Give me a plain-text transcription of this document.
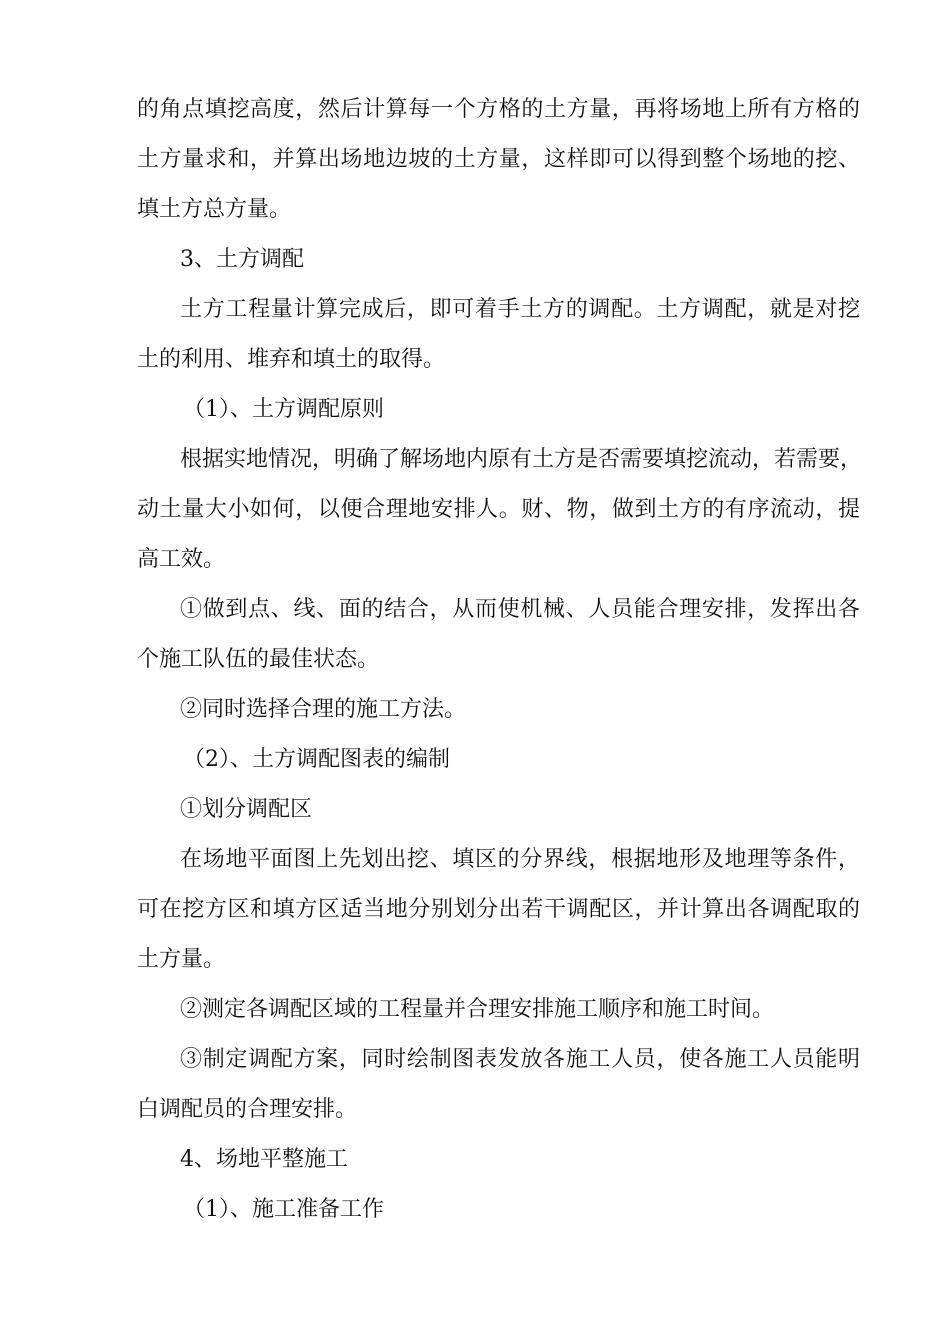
的角点填挖高度，然后计算每一个方格的土方量，再将场地上所有方格的
土方量求和，并算出场地边坡的土方量，这样即可以得到整个场地的挖、
填土方总方量。
3、土方调配
土方工程量计算完成后，即可着手土方的调配。土方调配，就是对挖
土的利用、堆弃和填土的取得。
（1）、土方调配原则
根据实地情况，明确了解场地内原有土方是否需要填挖流动，若需要，
动土量大小如何，以便合理地安排人。财、物，做到土方的有序流动，提
高工效。
①做到点、线、面的结合，从而使机械、人员能合理安排，发挥出各
个施工队伍的最佳状态。
②同时选择合理的施工方法。
（2）、土方调配图表的编制
①划分调配区
在场地平面图上先划出挖、填区的分界线，根据地形及地理等条件，
可在挖方区和填方区适当地分别划分出若干调配区，并计算出各调配取的
土方量。
②测定各调配区域的工程量并合理安排施工顺序和施工时间。
③制定调配方案，同时绘制图表发放各施工人员，使各施工人员能明
白调配员的合理安排。
4、场地平整施工
（1）、施工准备工作
